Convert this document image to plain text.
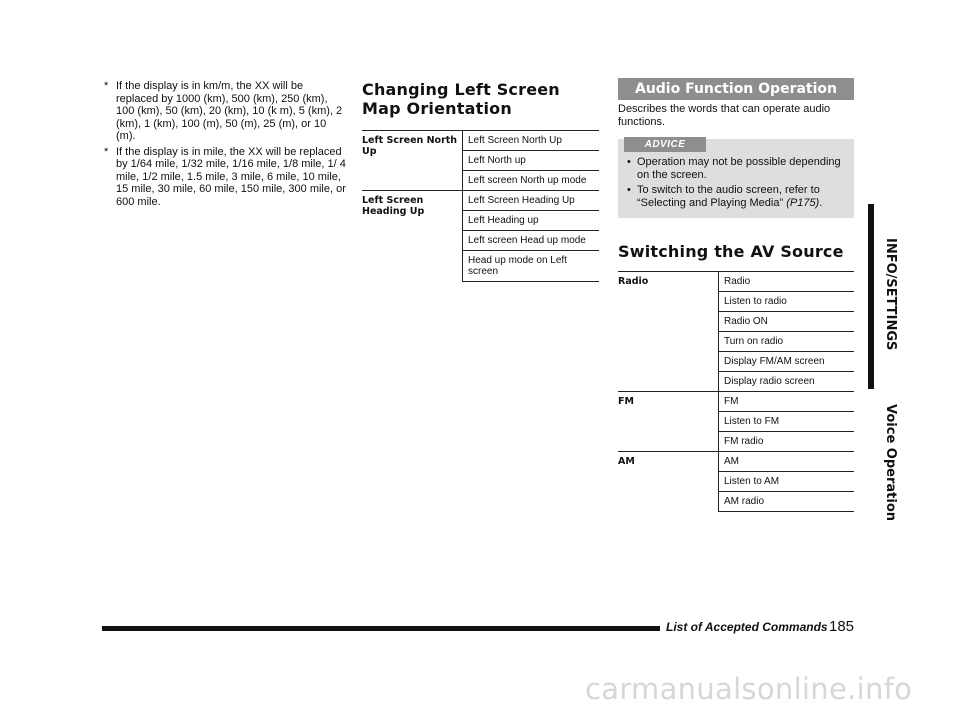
* If the display is in km/m, the XX will be replaced by 1000 (km), 500 (km), 250 (km), 100 (km), 50 (km), 20 (km), 10 (k m), 5 (km), 2 (km), 1 (km), 100 (m), 50 (m), 25 (m), or 10 (m).
* If the display is in mile, the XX will be replaced by 1/64 mile, 1/32 mile, 1/16 mile, 1/8 mile, 1/ 4 mile, 1/2 mile, 1.5 mile, 3 mile, 6 mile, 10 mile, 15 mile, 30 mile, 60 mile, 150 mile, 300 mile, or 600 mile.
Changing Left Screen Map Orientation
Left Screen North Up	Left Screen North Up
	Left North up
	Left screen North up mode
Left Screen Heading Up	Left Screen Heading Up
	Left Heading up
	Left screen Head up mode
	Head up mode on Left screen
Audio Function Operation
Describes the words that can operate audio functions.
ADVICE
• Operation may not be possible depending on the screen.
• To switch to the audio screen, refer to “Selecting and Playing Media” (P175).
Switching the AV Source
Radio	Radio
	Listen to radio
	Radio ON
	Turn on radio
	Display FM/AM screen
	Display radio screen
FM	FM
	Listen to FM
	FM radio
AM	AM
	Listen to AM
	AM radio
INFO/SETTINGS
Voice Operation
List of Accepted Commands 185
carmanualsonline.info
